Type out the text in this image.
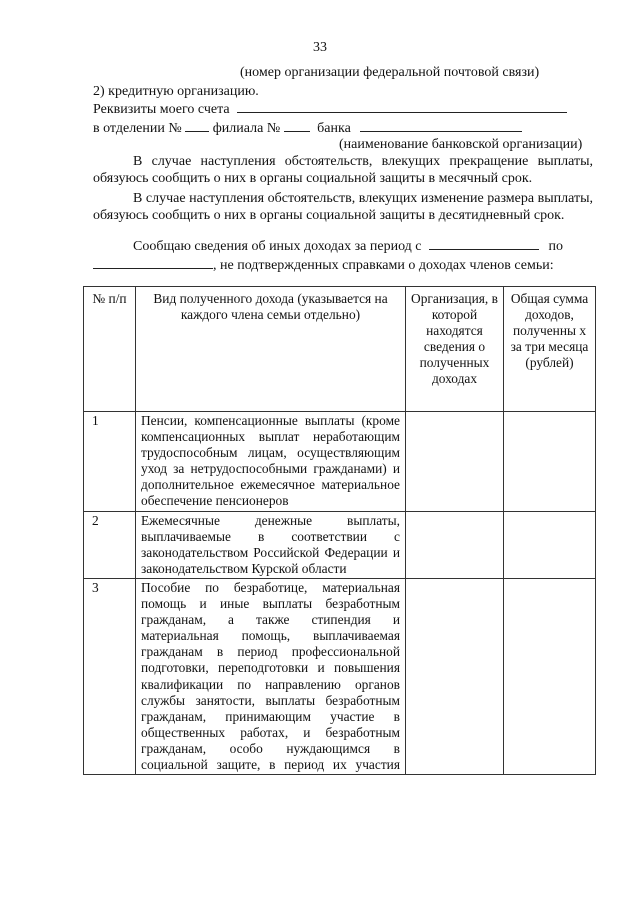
33
(номер организации федеральной почтовой связи)
2) кредитную организацию.
Реквизиты моего счета
в отделении № филиала №	банка
(наименование банковской организации)

В случае наступления обстоятельств, влекущих прекращение выплаты, обязуюсь сообщить о них в органы социальной защиты в месячный срок.

В случае наступления обстоятельств, влекущих изменение размера выплаты, обязуюсь сообщить о них в органы социальной защиты в десятидневный срок.

Сообщаю сведения об иных доходах за период с	по
, не подтвержденных справками о доходах членов семьи:
№ п/п	Вид полученного дохода (указывается на каждого члена семьи отдельно)	Организация, в которой находятся сведения о полученных доходах	Общая сумма доходов, полученны х за три месяца (рублей)
1	Пенсии, компенсационные выплаты (кроме компенсационных выплат неработающим трудоспособным лицам, осуществляющим уход за нетрудоспособными гражданами) и дополнительное ежемесячное материальное обеспечение пенсионеров		
2	Ежемесячные денежные выплаты, выплачиваемые в соответствии с законодательством Российской Федерации и законодательством Курской области		
3	Пособие по безработице, материальная помощь и иные выплаты безработным гражданам, а также стипендия и материальная помощь, выплачиваемая гражданам в период профессиональной подготовки, переподготовки и повышения квалификации по направлению органов службы занятости, выплаты безработным гражданам, принимающим участие в общественных работах, и безработным гражданам, особо нуждающимся в социальной защите, в период их участия		
